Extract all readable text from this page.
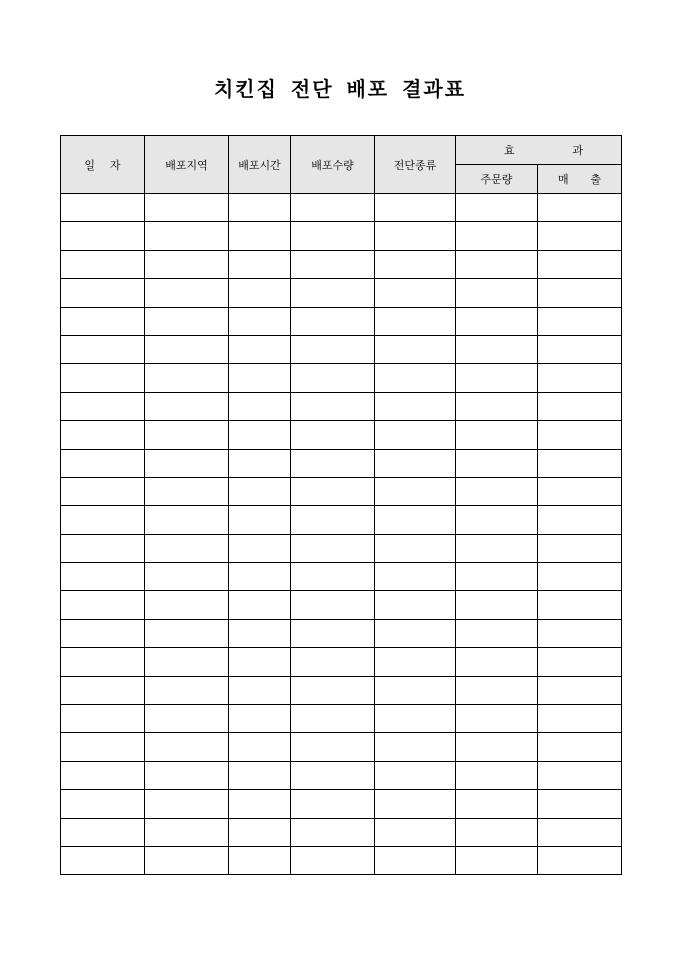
치킨집 전단 배포 결과표
일 자	배포지역	배포시간	배포수량	전단종류	효 과	

					주문량	매 출
